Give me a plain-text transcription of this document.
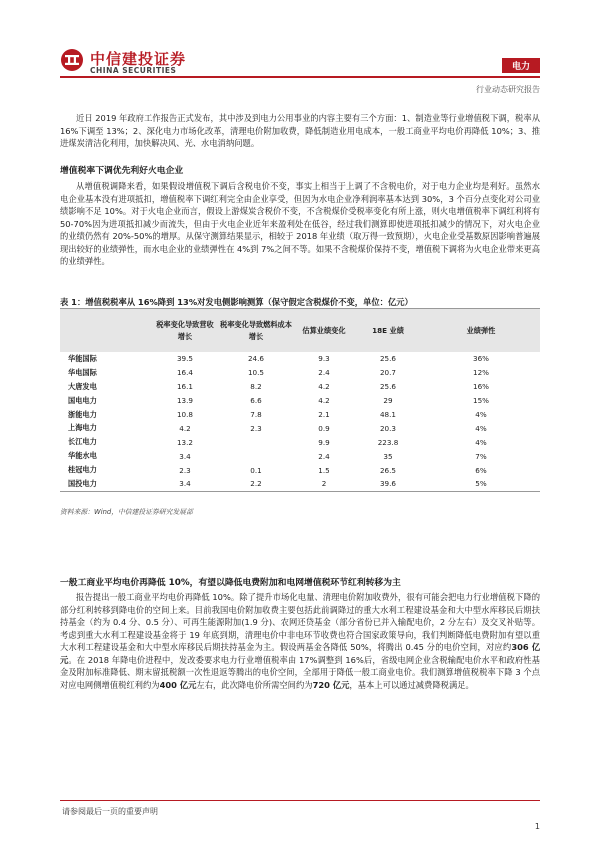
中信建投证券
CHINA SECURITIES	电力
行业动态研究报告

近日 2019 年政府工作报告正式发布，其中涉及到电力公用事业的内容主要有三个方面：1、制造业等行业增值税下调，税率从 16%下调至 13%；2、深化电力市场化改革，清理电价附加收费，降低制造业用电成本，一般工商业平均电价再降低 10%；3、推进煤炭清洁化利用，加快解决风、光、水电消纳问题。

增值税率下调优先利好火电企业

从增值税调降来看，如果假设增值税下调后含税电价不变，事实上相当于上调了不含税电价，对于电力企业均是利好。虽然水电企业基本没有进项抵扣，增值税率下调红利完全由企业享受，但因为水电企业净利润率基本达到 30%，3 个百分点变化对公司业绩影响不足 10%。对于火电企业而言，假设上游煤炭含税价不变，不含税煤价受税率变化有所上涨，则火电增值税率下调红利将有 50-70%因为进项抵扣减少而流失，但由于火电企业近年来盈利处在低谷，经过我们测算即使进项抵扣减少的情况下，对火电企业的业绩仍然有 20%-50%的增厚。从保守测算结果显示，相较于 2018 年业绩（取万得一致预期），火电企业受基数原因影响普遍展现出较好的业绩弹性，而水电企业的业绩弹性在 4%到 7%之间不等。如果不含税煤价保持不变，增值税下调将为火电企业带来更高的业绩弹性。

表 1：增值税税率从 16%降到 13%对发电侧影响测算（保守假定含税煤价不变，单位：亿元）
	税率变化导致营收增长	税率变化导致燃料成本增长	估算业绩变化	18E 业绩	业绩弹性
华能国际	39.5	24.6	9.3	25.6	36%
华电国际	16.4	10.5	2.4	20.7	12%
大唐发电	16.1	8.2	4.2	25.6	16%
国电电力	13.9	6.6	4.2	29	15%
浙能电力	10.8	7.8	2.1	48.1	4%
上海电力	4.2	2.3	0.9	20.3	4%
长江电力	13.2		9.9	223.8	4%
华能水电	3.4		2.4	35	7%
桂冠电力	2.3	0.1	1.5	26.5	6%
国投电力	3.4	2.2	2	39.6	5%
资料来源：Wind，中信建投证券研究发展部
一般工商业平均电价再降低 10%，有望以降低电费附加和电网增值税环节红利转移为主

报告提出一般工商业平均电价再降低 10%。除了提升市场化电量、清理电价附加收费外，很有可能会把电力行业增值税下降的部分红利转移到降电价的空间上来。目前我国电价附加收费主要包括此前调降过的重大水利工程建设基金和大中型水库移民后期扶持基金（约为 0.4 分、0.5 分）、可再生能源附加(1.9 分)、农网还贷基金（部分省份已并入输配电价，2 分左右）及交叉补贴等。考虑到重大水利工程建设基金将于 19 年底到期，清理电价中非电环节收费也符合国家政策导向，我们判断降低电费附加有望以重大水利工程建设基金和大中型水库移民后期扶持基金为主。假设两基金各降低 50%，将腾出 0.45 分的电价空间，对应约306 亿元。在 2018 年降电价进程中，发改委要求电力行业增值税率由 17%调整到 16%后，省级电网企业含税输配电价水平和政府性基金及附加标准降低、期末留抵税额一次性退返等腾出的电价空间，全部用于降低一般工商业电价。我们测算增值税税率下降 3 个点对应电网侧增值税红利约为400 亿元左右，此次降电价所需空间约为720 亿元，基本上可以通过减费降税满足。

请参阅最后一页的重要声明
1
